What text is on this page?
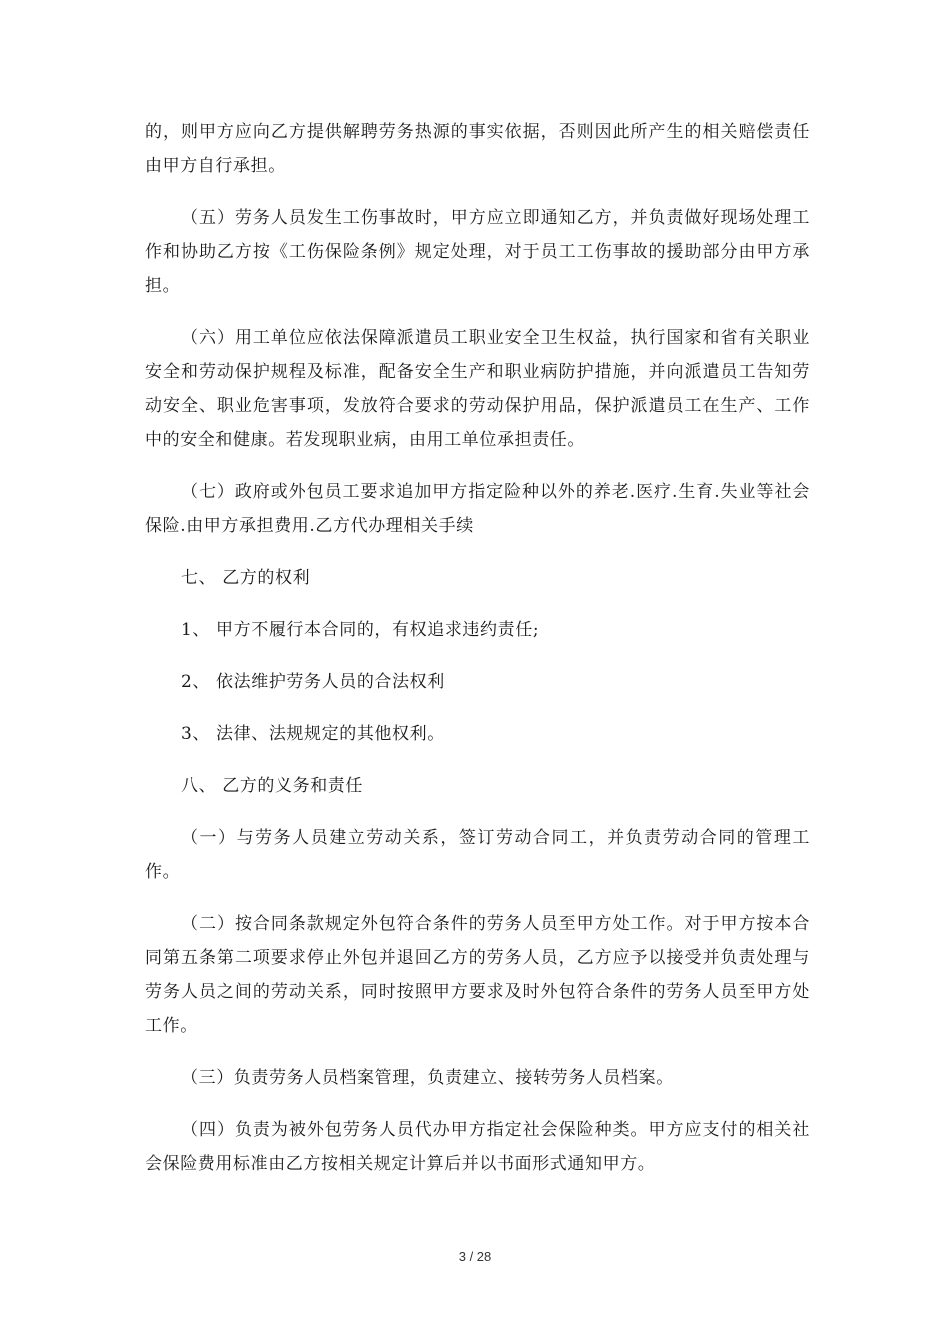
的，则甲方应向乙方提供解聘劳务热源的事实依据，否则因此所产生的相关赔偿责任由甲方自行承担。

（五）劳务人员发生工伤事故时，甲方应立即通知乙方，并负责做好现场处理工作和协助乙方按《工伤保险条例》规定处理，对于员工工伤事故的援助部分由甲方承担。

（六）用工单位应依法保障派遣员工职业安全卫生权益，执行国家和省有关职业安全和劳动保护规程及标准，配备安全生产和职业病防护措施，并向派遣员工告知劳动安全、职业危害事项，发放符合要求的劳动保护用品，保护派遣员工在生产、工作中的安全和健康。若发现职业病，由用工单位承担责任。

（七）政府或外包员工要求追加甲方指定险种以外的养老.医疗.生育.失业等社会保险.由甲方承担费用.乙方代办理相关手续

七、 乙方的权利

1、 甲方不履行本合同的，有权追求违约责任;

2、 依法维护劳务人员的合法权利

3、 法律、法规规定的其他权利。

八、 乙方的义务和责任

（一）与劳务人员建立劳动关系，签订劳动合同工，并负责劳动合同的管理工作。

（二）按合同条款规定外包符合条件的劳务人员至甲方处工作。对于甲方按本合同第五条第二项要求停止外包并退回乙方的劳务人员，乙方应予以接受并负责处理与劳务人员之间的劳动关系，同时按照甲方要求及时外包符合条件的劳务人员至甲方处工作。

（三）负责劳务人员档案管理，负责建立、接转劳务人员档案。

（四）负责为被外包劳务人员代办甲方指定社会保险种类。甲方应支付的相关社会保险费用标准由乙方按相关规定计算后并以书面形式通知甲方。

3 / 28
